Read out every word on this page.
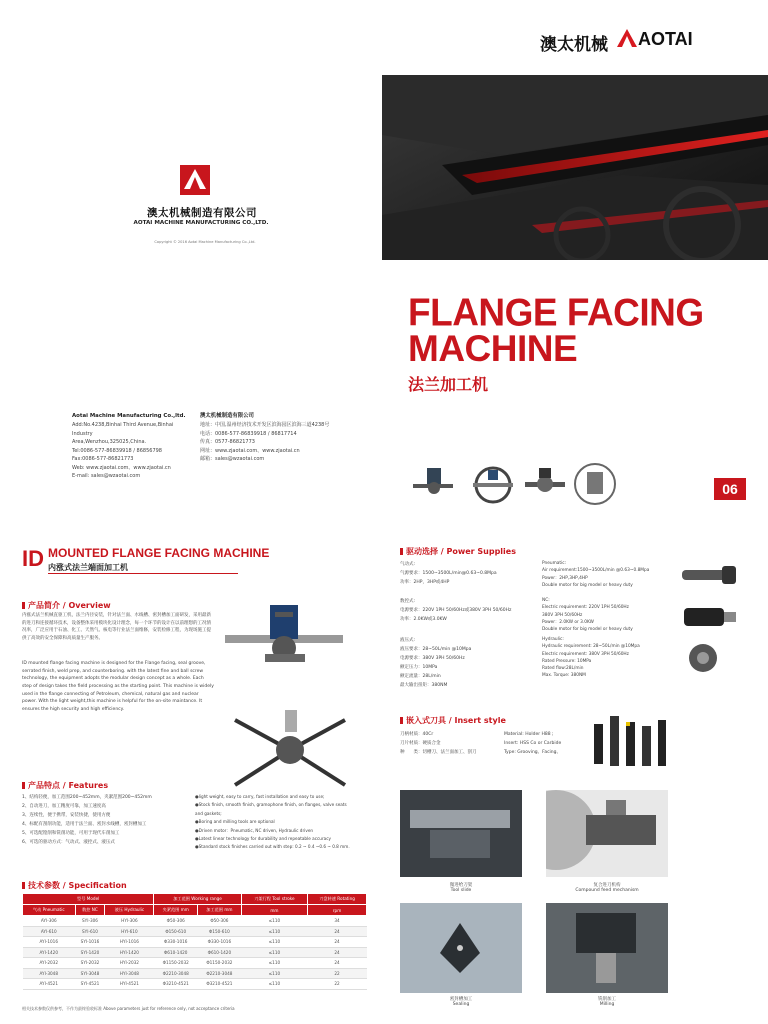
澳太机械 AOTAI
澳太机械制造有限公司
AOTAI MACHINE MANUFACTURING CO.,LTD.
Copyright © 2016 Aotai Machine Manufacturing Co.,Ltd.
FLANGE FACING
MACHINE
法兰加工机
Aotai Machine Manufacturing Co.,ltd.
Add:No.4238,Binhai Third Avenue,Binhai Industry
Area,Wenzhou,325025,China.
Tel:0086-577-86839918 / 86856798
Fax:0086-577-86821773
Web: www.zjaotai.com、www.zjaotai.cn
E-mail: sales@wzaotai.com
澳太机械制造有限公司
地址：中国,温州经济技术开发区滨海园区滨海三道4238号
电话：0086-577-86839918 / 86817714
传真：0577-86821773
网址：www.zjaotai.com、www.zjaotai.cn
邮箱：sales@wzaotai.com
06
ID MOUNTED FLANGE FACING MACHINE
内涨式法兰端面加工机
产品简介 / Overview
内涨式法兰机械直驱工机，法兰内径安装，针对法兰面、水线槽、密封槽加工面研发，采用最新的进刀和连接循环技术，设备整体采用模块化设计理念，每一个环节的设计在以前理想的工况情况率，广泛应用于石油、化工、天然气、核电等行业法兰面维修，安装检修工程，为现场施工提供了高效的安全保障和高质量生产服务。
ID mounted flange facing machine is designed for the Flange facing, seal groove, serrated finish, weld prep, and counterboring. with the latest fine and ball screw technology, the equipment adopts the modular design concept as a whole. Each step of design takes the field processing as the starting point. This machine is widely used in the flange connecting of Petroleum, chemical, natural gas and nuclear power. With the light weight,this machine is helpful for the on-site maintance. It ensures the high security and high efficiency.
产品特点 / Features
1、结构轻便，加工范围200~452mm，夹紧范围200~452mm
2、自动进刀，加工精度可靠，加工速度高
3、连续性，便于携带，安装快捷，使用方便
4、标配有刮削功能，适用于法兰面、密封水线槽，密封槽加工
5、可选配镗削和铣削功能，可用于现代车削加工
6、可选的驱动方式：气动式、液控式、液压式
●light weight, easy to carry, fast installation and easy to use;
●Stock finish, smooth finish, gramophone finish, on flanges, valve seats
and gaskets;
●Boring and milling tools are optional
●Driven motor：Pneumatic, NC driven, Hydraulic driven
●Latest linear technology for durability and repeatable accuracy
●Standard stock finishes carried out with step: 0.2 ~ 0.4 ~0.6 ~ 0.8 mm.
技术参数 / Specification
型号 Model			加工范围 Working range		刀架行程 Tool stroke	刀盘转速 Rotating
气动 Pneumatic	数控 NC	液压 Hydraulic	夹紧范围 mm	加工范围 mm	mm	rpm
AYI-306	SYI-306	HYI-306	Φ50-306	Φ50-306	≤110	34
AYI-610	SYI-610	HYI-610	Φ150-610	Φ150-610	≤110	24
AYI-1016	SYI-1016	HYI-1016	Φ330-1016	Φ330-1016	≤110	24
AYI-1420	SYI-1420	HYI-1420	Φ610-1420	Φ610-1420	≤110	24
AYI-2032	SYI-2032	HYI-2032	Φ1150-2032	Φ1150-2032	≤110	24
AYI-3048	SYI-3048	HYI-3048	Φ2210-3048	Φ2210-3048	≤110	22
AYI-4521	SYI-4521	HYI-4521	Φ3210-4521	Φ3210-4521	≤110	22
相关技术参数仅供参考，不作为最终验收标准 Above parameters just for reference only, not acceptance criteria
驱动选择 / Power Supplies
气动式:
气源要求：1500~3500L/min@0.63~0.8Mpa
功率：2HP，3HP或4HP
Pneumatic:
Air requirement:1500~3500L/min @0.63~0.8Mpa
Power：2HP,3HP,4HP
Double motor for big model or heavy duty
数控式:
电源要求：220V 1PH 50/60Hz或380V 3PH 50/60Hz
功率：2.0KW或3.0KW
NC:
Electric requirement: 220V 1PH 50/60Hz
380V 3PH 50/60Hz
Power：2.0KW or 3.0KW
Double motor for big model or heavy duty
液压式:
液压要求：28~50L/min @10Mpa
电源要求：380V 3PH 50/60Hz
额定压力：10MPa
额定流量：28L/min
最大输出扭矩：380NM
Hydraulic:
Hydraulic requirement: 28~50L/min @10Mpa
Electric requirement: 380V 3PH 50/60Hz
Rated Pressure: 10MPa
Rated flow:28L/min
Max. Torque: 380NM
嵌入式刀具 / Insert style
刀柄材质：40Cr
刀片材质：硬质合金
种　　类：切槽刀、法兰面加工、刮刀
Material: Holder H88 ;
Insert: HSS Co or Carbide
Type: Grooving、Facing、
微进给刀架
Tool slide
复合进刀机构
Compound feed mechanism
密封槽加工
Sealing
铣削加工
Milling
